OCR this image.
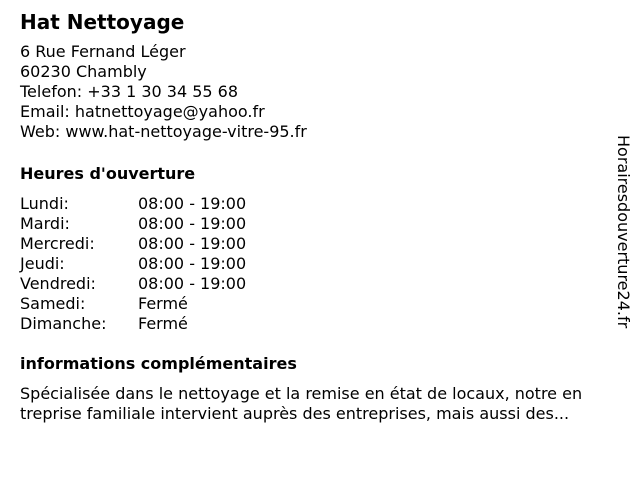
Hat Nettoyage
6 Rue Fernand Léger
60230 Chambly
Telefon: +33 1 30 34 55 68
Email: hatnettoyage@yahoo.fr
Web: www.hat-nettoyage-vitre-95.fr
Heures d'ouverture
Lundi:	08:00 - 19:00
Mardi:	08:00 - 19:00
Mercredi:	08:00 - 19:00
Jeudi:	08:00 - 19:00
Vendredi:	08:00 - 19:00
Samedi:	Fermé
Dimanche:	Fermé
informations complémentaires
Spécialisée dans le nettoyage et la remise en état de locaux, notre en
treprise familiale intervient auprès des entreprises, mais aussi des...
Horairesdouverture24.fr
